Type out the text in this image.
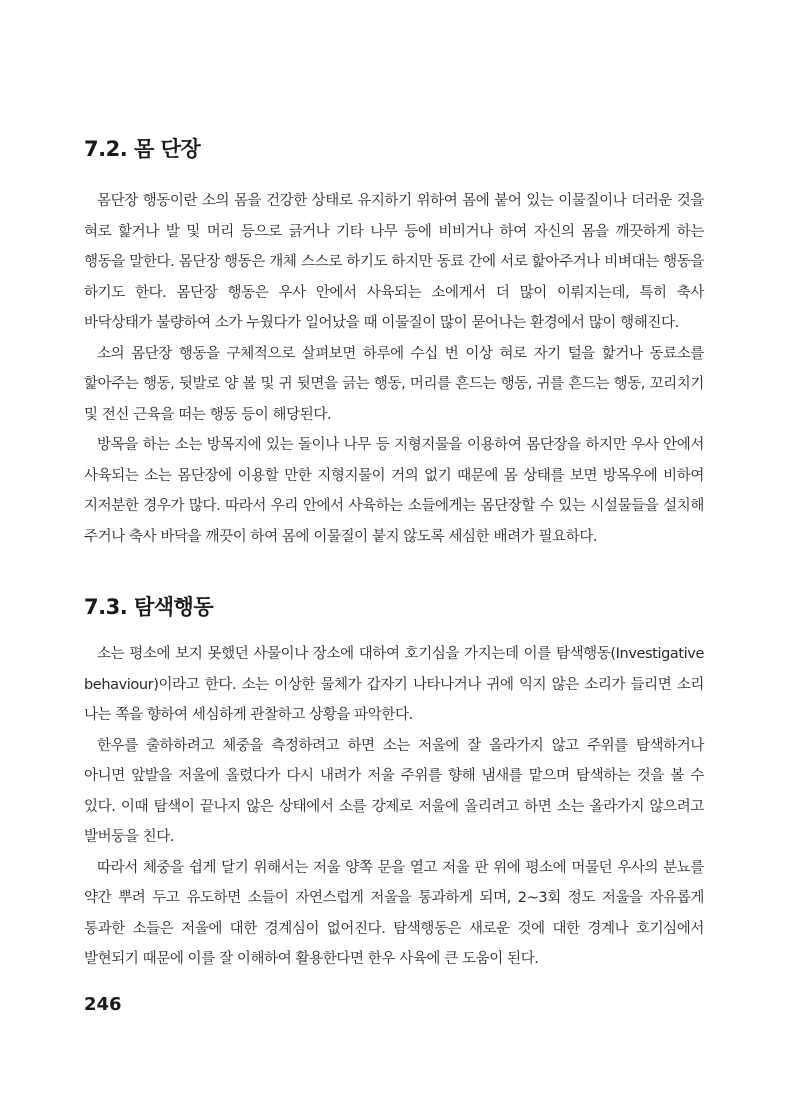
7.2. 몸 단장

몸단장 행동이란 소의 몸을 건강한 상태로 유지하기 위하여 몸에 붙어 있는 이물질이나 더러운 것을 혀로 핥거나 발 및 머리 등으로 긁거나 기타 나무 등에 비비거나 하여 자신의 몸을 깨끗하게 하는 행동을 말한다. 몸단장 행동은 개체 스스로 하기도 하지만 동료 간에 서로 핥아주거나 비벼대는 행동을 하기도 한다. 몸단장 행동은 우사 안에서 사육되는 소에게서 더 많이 이뤄지는데, 특히 축사 바닥상태가 불량하여 소가 누웠다가 일어났을 때 이물질이 많이 묻어나는 환경에서 많이 행해진다.

소의 몸단장 행동을 구체적으로 살펴보면 하루에 수십 번 이상 혀로 자기 털을 핥거나 동료소를 핥아주는 행동, 뒷발로 양 볼 및 귀 뒷면을 긁는 행동, 머리를 흔드는 행동, 귀를 흔드는 행동, 꼬리치기 및 전신 근육을 떠는 행동 등이 해당된다.

방목을 하는 소는 방목지에 있는 돌이나 나무 등 지형지물을 이용하여 몸단장을 하지만 우사 안에서 사육되는 소는 몸단장에 이용할 만한 지형지물이 거의 없기 때문에 몸 상태를 보면 방목우에 비하여 지저분한 경우가 많다. 따라서 우리 안에서 사육하는 소들에게는 몸단장할 수 있는 시설물들을 설치해 주거나 축사 바닥을 깨끗이 하여 몸에 이물질이 붙지 않도록 세심한 배려가 필요하다.

7.3. 탐색행동

소는 평소에 보지 못했던 사물이나 장소에 대하여 호기심을 가지는데 이를 탐색행동(Investigative behaviour)이라고 한다. 소는 이상한 물체가 갑자기 나타나거나 귀에 익지 않은 소리가 들리면 소리 나는 쪽을 향하여 세심하게 관찰하고 상황을 파악한다.

한우를 출하하려고 체중을 측정하려고 하면 소는 저울에 잘 올라가지 않고 주위를 탐색하거나 아니면 앞발을 저울에 올렸다가 다시 내려가 저울 주위를 향해 냄새를 맡으며 탐색하는 것을 볼 수 있다. 이때 탐색이 끝나지 않은 상태에서 소를 강제로 저울에 올리려고 하면 소는 올라가지 않으려고 발버둥을 친다.

따라서 체중을 쉽게 달기 위해서는 저울 양쪽 문을 열고 저울 판 위에 평소에 머물던 우사의 분뇨를 약간 뿌려 두고 유도하면 소들이 자연스럽게 저울을 통과하게 되며, 2~3회 정도 저울을 자유롭게 통과한 소들은 저울에 대한 경계심이 없어진다. 탐색행동은 새로운 것에 대한 경계나 호기심에서 발현되기 때문에 이를 잘 이해하여 활용한다면 한우 사육에 큰 도움이 된다.

246
